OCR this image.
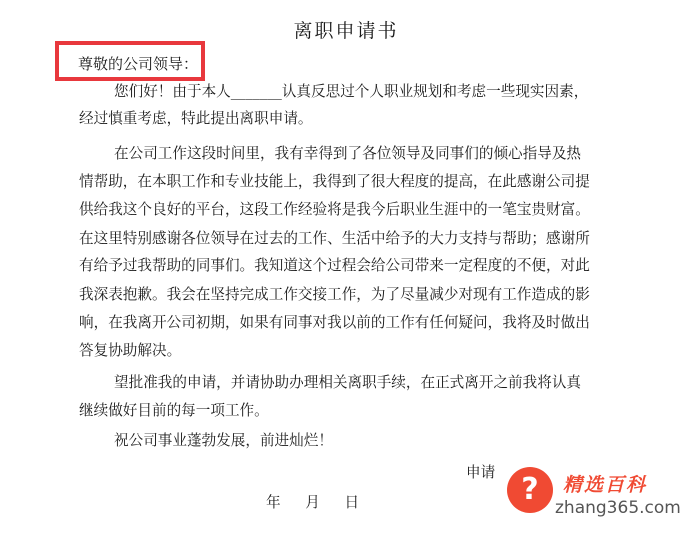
离职申请书
尊敬的公司领导：
您们好！由于本人_______认真反思过个人职业规划和考虑一些现实因素，
经过慎重考虑，特此提出离职申请。
在公司工作这段时间里，我有幸得到了各位领导及同事们的倾心指导及热
情帮助，在本职工作和专业技能上，我得到了很大程度的提高，在此感谢公司提
供给我这个良好的平台，这段工作经验将是我今后职业生涯中的一笔宝贵财富。
在这里特别感谢各位领导在过去的工作、生活中给予的大力支持与帮助；感谢所
有给予过我帮助的同事们。我知道这个过程会给公司带来一定程度的不便，对此
我深表抱歉。我会在坚持完成工作交接工作，为了尽量减少对现有工作造成的影
响，在我离开公司初期，如果有同事对我以前的工作有任何疑问，我将及时做出
答复协助解决。
望批准我的申请，并请协助办理相关离职手续，在正式离开之前我将认真
继续做好目前的每一项工作。
祝公司事业蓬勃发展，前进灿烂！
申请
年 月 日	?	精选百科
zhang365.com
